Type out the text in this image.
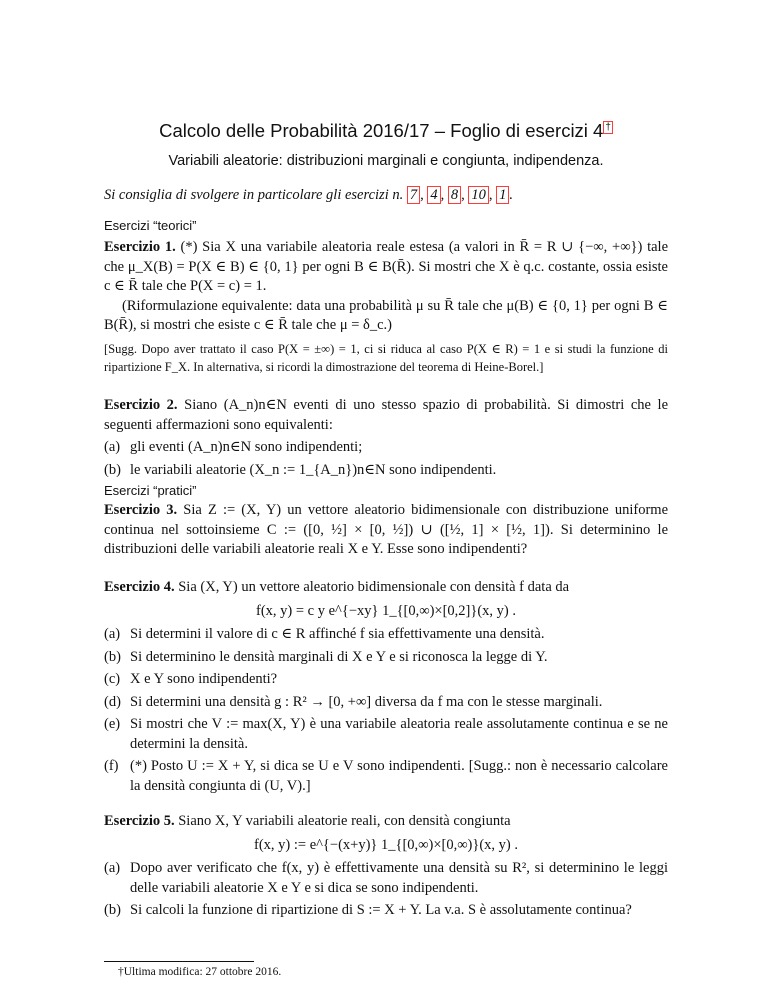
Calcolo delle Probabilità 2016/17 – Foglio di esercizi 4 †
Variabili aleatorie: distribuzioni marginali e congiunta, indipendenza.
Si consiglia di svolgere in particolare gli esercizi n. 7 , 4 , 8 , 10 , 1 .
Esercizi “teorici”
Esercizio 1. (*) Sia X una variabile aleatoria reale estesa (a valori in R̄ = R ∪ {−∞, +∞}) tale che μ_X(B) = P(X ∈ B) ∈ {0, 1} per ogni B ∈ B(R̄). Si mostri che X è q.c. costante, ossia esiste c ∈ R̄ tale che P(X = c) = 1.
(Riformulazione equivalente: data una probabilità μ su R̄ tale che μ(B) ∈ {0, 1} per ogni B ∈ B(R̄), si mostri che esiste c ∈ R̄ tale che μ = δ_c.)
[Sugg. Dopo aver trattato il caso P(X = ±∞) = 1, ci si riduca al caso P(X ∈ R) = 1 e si studi la funzione di ripartizione F_X. In alternativa, si ricordi la dimostrazione del teorema di Heine-Borel.]
Esercizio 2. Siano (A_n)n∈N eventi di uno stesso spazio di probabilità. Si dimostri che le seguenti affermazioni sono equivalenti:
(a) gli eventi (A_n)n∈N sono indipendenti;
(b) le variabili aleatorie (X_n := 1_{A_n})n∈N sono indipendenti.
Esercizi “pratici”
Esercizio 3. Sia Z := (X, Y) un vettore aleatorio bidimensionale con distribuzione uniforme continua nel sottoinsieme C := ([0, ½] × [0, ½]) ∪ ([½, 1] × [½, 1]). Si determinino le distribuzioni delle variabili aleatorie reali X e Y. Esse sono indipendenti?
Esercizio 4. Sia (X, Y) un vettore aleatorio bidimensionale con densità f data da
f(x, y) = c y e^{−xy} 1_{[0,∞)×[0,2]}(x, y) .
(a) Si determini il valore di c ∈ R affinché f sia effettivamente una densità.
(b) Si determinino le densità marginali di X e Y e si riconosca la legge di Y.
(c) X e Y sono indipendenti?
(d) Si determini una densità g : R² → [0, +∞] diversa da f ma con le stesse marginali.
(e) Si mostri che V := max(X, Y) è una variabile aleatoria reale assolutamente continua e se ne determini la densità.
(f) (*) Posto U := X + Y, si dica se U e V sono indipendenti. [Sugg.: non è necessario calcolare la densità congiunta di (U, V).]
Esercizio 5. Siano X, Y variabili aleatorie reali, con densità congiunta
f(x, y) := e^{−(x+y)} 1_{[0,∞)×[0,∞)}(x, y) .
(a) Dopo aver verificato che f(x, y) è effettivamente una densità su R², si determinino le leggi delle variabili aleatorie X e Y e si dica se sono indipendenti.
(b) Si calcoli la funzione di ripartizione di S := X + Y. La v.a. S è assolutamente continua?
†Ultima modifica: 27 ottobre 2016.
